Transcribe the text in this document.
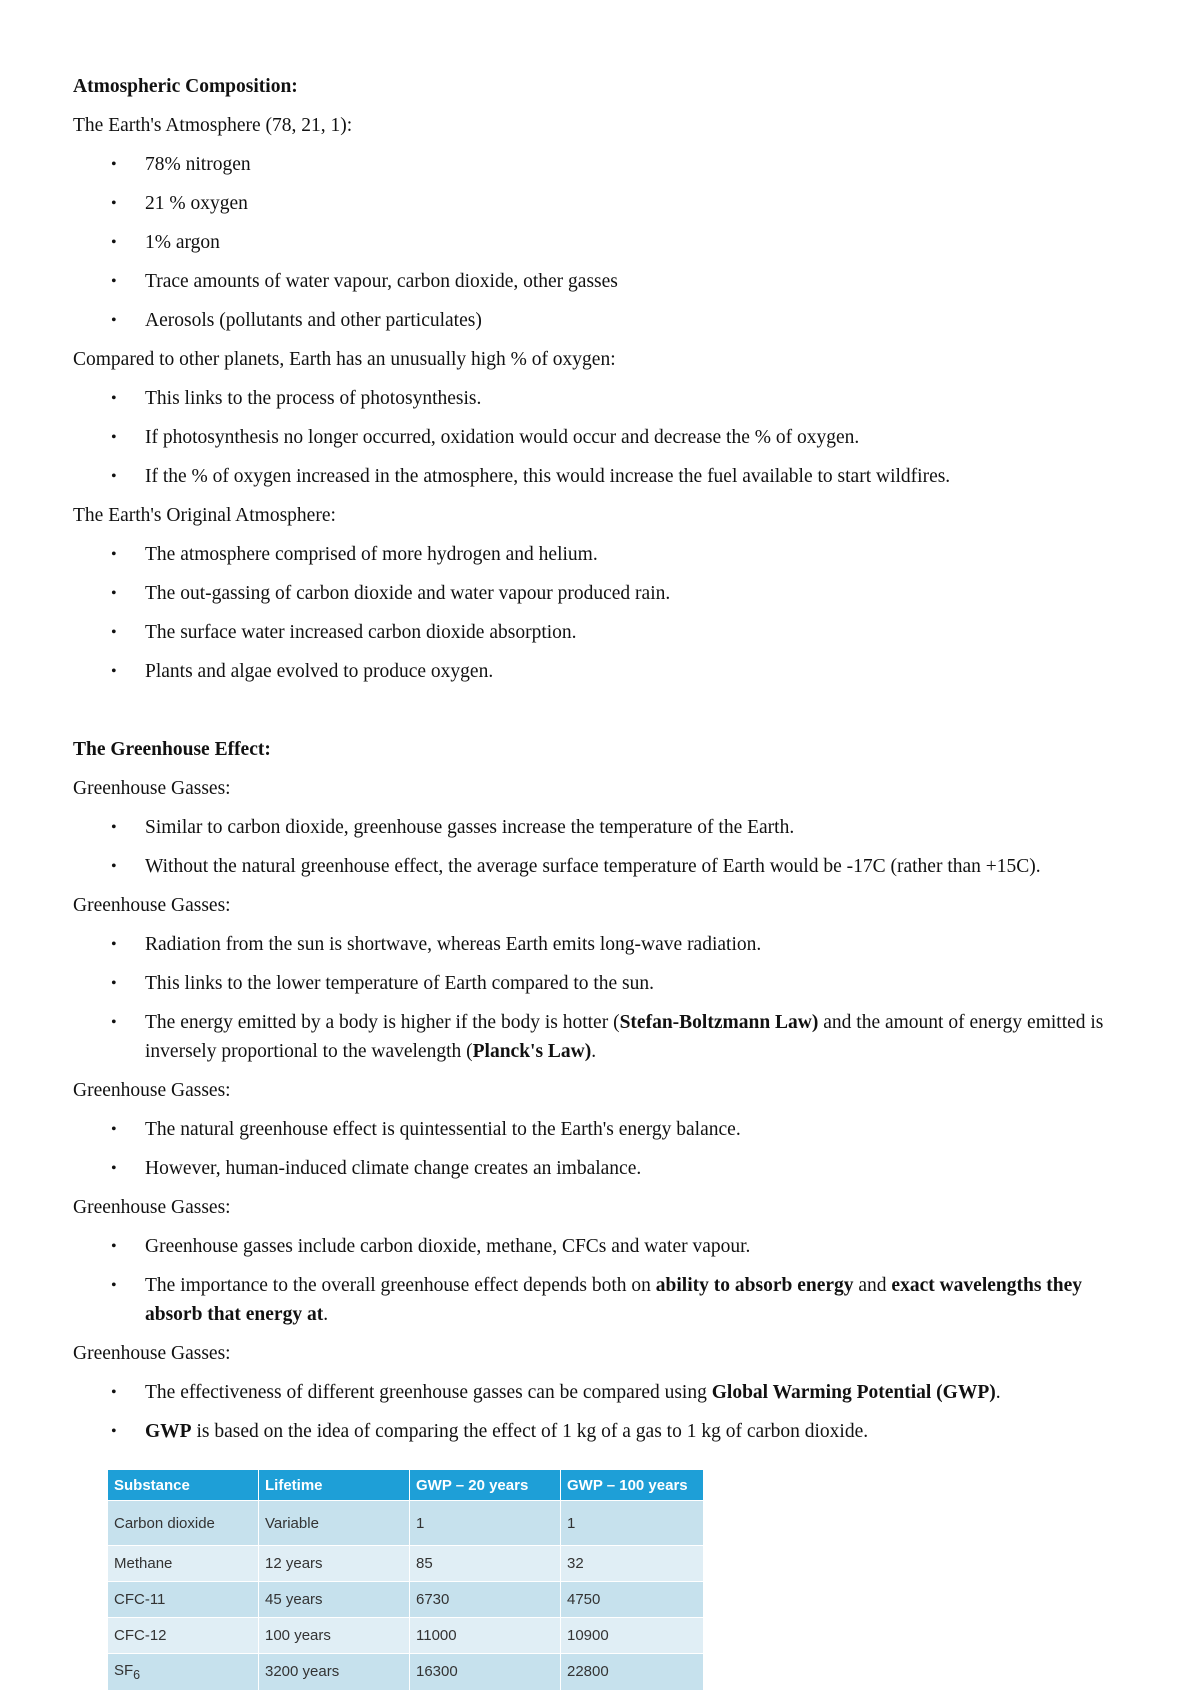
Atmospheric Composition:

The Earth's Atmosphere (78, 21, 1):

• 78% nitrogen
• 21 % oxygen
• 1% argon
• Trace amounts of water vapour, carbon dioxide, other gasses
• Aerosols (pollutants and other particulates)

Compared to other planets, Earth has an unusually high % of oxygen:

• This links to the process of photosynthesis.
• If photosynthesis no longer occurred, oxidation would occur and decrease the % of oxygen.
• If the % of oxygen increased in the atmosphere, this would increase the fuel available to start wildfires.

The Earth's Original Atmosphere:

• The atmosphere comprised of more hydrogen and helium.
• The out-gassing of carbon dioxide and water vapour produced rain.
• The surface water increased carbon dioxide absorption.
• Plants and algae evolved to produce oxygen.

The Greenhouse Effect:

Greenhouse Gasses:

• Similar to carbon dioxide, greenhouse gasses increase the temperature of the Earth.
• Without the natural greenhouse effect, the average surface temperature of Earth would be -17C (rather than +15C).

Greenhouse Gasses:

• Radiation from the sun is shortwave, whereas Earth emits long-wave radiation.
• This links to the lower temperature of Earth compared to the sun.
• The energy emitted by a body is higher if the body is hotter (Stefan-Boltzmann Law) and the amount of energy emitted is inversely proportional to the wavelength (Planck's Law).

Greenhouse Gasses:

• The natural greenhouse effect is quintessential to the Earth's energy balance.
• However, human-induced climate change creates an imbalance.

Greenhouse Gasses:

• Greenhouse gasses include carbon dioxide, methane, CFCs and water vapour.
• The importance to the overall greenhouse effect depends both on ability to absorb energy and exact wavelengths they absorb that energy at.

Greenhouse Gasses:

• The effectiveness of different greenhouse gasses can be compared using Global Warming Potential (GWP).
• GWP is based on the idea of comparing the effect of 1 kg of a gas to 1 kg of carbon dioxide.
Substance	Lifetime	GWP – 20 years	GWP – 100 years
Carbon dioxide	Variable	1	1
Methane	12 years	85	32
CFC-11	45 years	6730	4750
CFC-12	100 years	11000	10900
$SF_6$	3200 years	16300	22800
